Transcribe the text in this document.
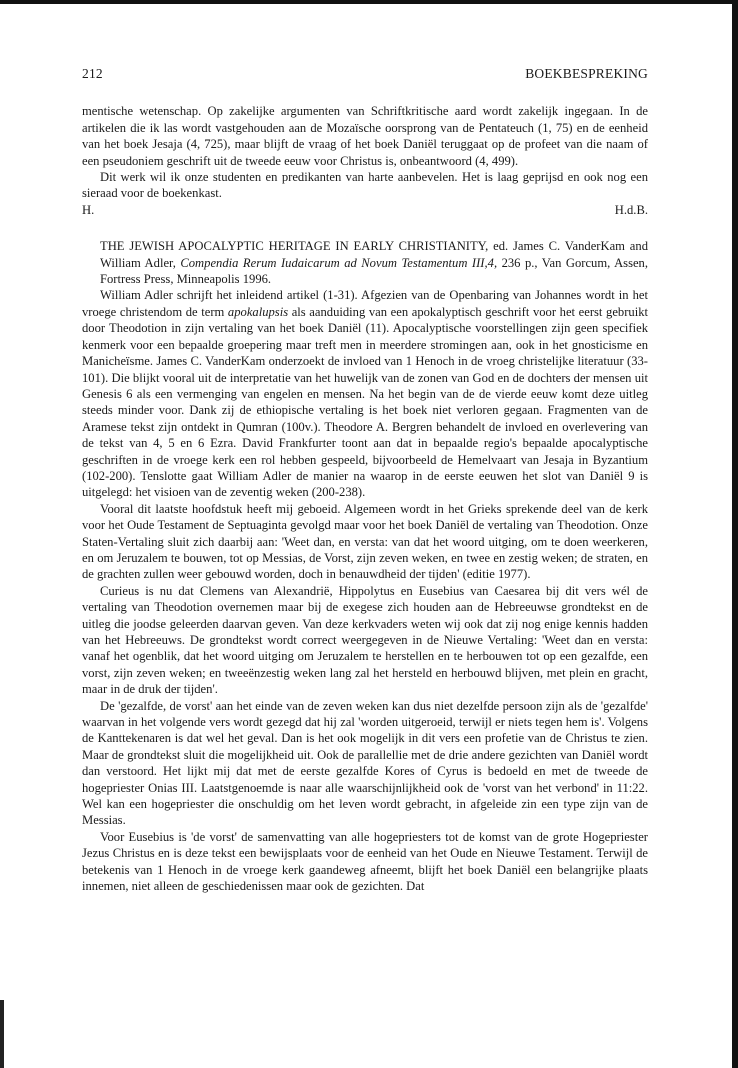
212	BOEKBESPREKING

mentische wetenschap. Op zakelijke argumenten van Schriftkritische aard wordt zakelijk ingegaan. In de artikelen die ik las wordt vastgehouden aan de Mozaïsche oorsprong van de Pentateuch (1, 75) en de eenheid van het boek Jesaja (4, 725), maar blijft de vraag of het boek Daniël teruggaat op de profeet van die naam of een pseudoniem geschrift uit de tweede eeuw voor Christus is, onbeantwoord (4, 499).

Dit werk wil ik onze studenten en predikanten van harte aanbevelen. Het is laag geprijsd en ook nog een sieraad voor de boekenkast.

H.	H.d.B.

THE JEWISH APOCALYPTIC HERITAGE IN EARLY CHRISTIANITY, ed. James C. VanderKam and William Adler, Compendia Rerum Iudaicarum ad Novum Testamentum III,4, 236 p., Van Gorcum, Assen, Fortress Press, Minneapolis 1996.

William Adler schrijft het inleidend artikel (1-31). Afgezien van de Openbaring van Johannes wordt in het vroege christendom de term apokalupsis als aanduiding van een apokalyptisch geschrift voor het eerst gebruikt door Theodotion in zijn vertaling van het boek Daniël (11). Apocalyptische voorstellingen zijn geen specifiek kenmerk voor een bepaalde groepering maar treft men in meerdere stromingen aan, ook in het gnosticisme en Manicheïsme. James C. VanderKam onderzoekt de invloed van 1 Henoch in de vroeg christelijke literatuur (33-101). Die blijkt vooral uit de interpretatie van het huwelijk van de zonen van God en de dochters der mensen uit Genesis 6 als een vermenging van engelen en mensen. Na het begin van de de vierde eeuw komt deze uitleg steeds minder voor. Dank zij de ethiopische vertaling is het boek niet verloren gegaan. Fragmenten van de Aramese tekst zijn ontdekt in Qumran (100v.). Theodore A. Bergren behandelt de invloed en overlevering van de tekst van 4, 5 en 6 Ezra. David Frankfurter toont aan dat in bepaalde regio's bepaalde apocalyptische geschriften in de vroege kerk een rol hebben gespeeld, bijvoorbeeld de Hemelvaart van Jesaja in Byzantium (102-200). Tenslotte gaat William Adler de manier na waarop in de eerste eeuwen het slot van Daniël 9 is uitgelegd: het visioen van de zeventig weken (200-238).

Vooral dit laatste hoofdstuk heeft mij geboeid. Algemeen wordt in het Grieks sprekende deel van de kerk voor het Oude Testament de Septuaginta gevolgd maar voor het boek Daniël de vertaling van Theodotion. Onze Staten-Vertaling sluit zich daarbij aan: 'Weet dan, en versta: van dat het woord uitging, om te doen weerkeren, en om Jeruzalem te bouwen, tot op Messias, de Vorst, zijn zeven weken, en twee en zestig weken; de straten, en de grachten zullen weer gebouwd worden, doch in benauwdheid der tijden' (editie 1977).

Curieus is nu dat Clemens van Alexandrië, Hippolytus en Eusebius van Caesarea bij dit vers wél de vertaling van Theodotion overnemen maar bij de exegese zich houden aan de Hebreeuwse grondtekst en de uitleg die joodse geleerden daarvan geven. Van deze kerkvaders weten wij ook dat zij nog enige kennis hadden van het Hebreeuws. De grondtekst wordt correct weergegeven in de Nieuwe Vertaling: 'Weet dan en versta: vanaf het ogenblik, dat het woord uitging om Jeruzalem te herstellen en te herbouwen tot op een gezalfde, een vorst, zijn zeven weken; en tweeënzestig weken lang zal het hersteld en herbouwd blijven, met plein en gracht, maar in de druk der tijden'.

De 'gezalfde, de vorst' aan het einde van de zeven weken kan dus niet dezelfde persoon zijn als de 'gezalfde' waarvan in het volgende vers wordt gezegd dat hij zal 'worden uitgeroeid, terwijl er niets tegen hem is'. Volgens de Kanttekenaren is dat wel het geval. Dan is het ook mogelijk in dit vers een profetie van de Christus te zien. Maar de grondtekst sluit die mogelijkheid uit. Ook de parallellie met de drie andere gezichten van Daniël wordt dan verstoord. Het lijkt mij dat met de eerste gezalfde Kores of Cyrus is bedoeld en met de tweede de hogepriester Onias III. Laatstgenoemde is naar alle waarschijnlijkheid ook de 'vorst van het verbond' in 11:22. Wel kan een hogepriester die onschuldig om het leven wordt gebracht, in afgeleide zin een type zijn van de Messias.

Voor Eusebius is 'de vorst' de samenvatting van alle hogepriesters tot de komst van de grote Hogepriester Jezus Christus en is deze tekst een bewijsplaats voor de eenheid van het Oude en Nieuwe Testament. Terwijl de betekenis van 1 Henoch in de vroege kerk gaandeweg afneemt, blijft het boek Daniël een belangrijke plaats innemen, niet alleen de geschiedenissen maar ook de gezichten. Dat
